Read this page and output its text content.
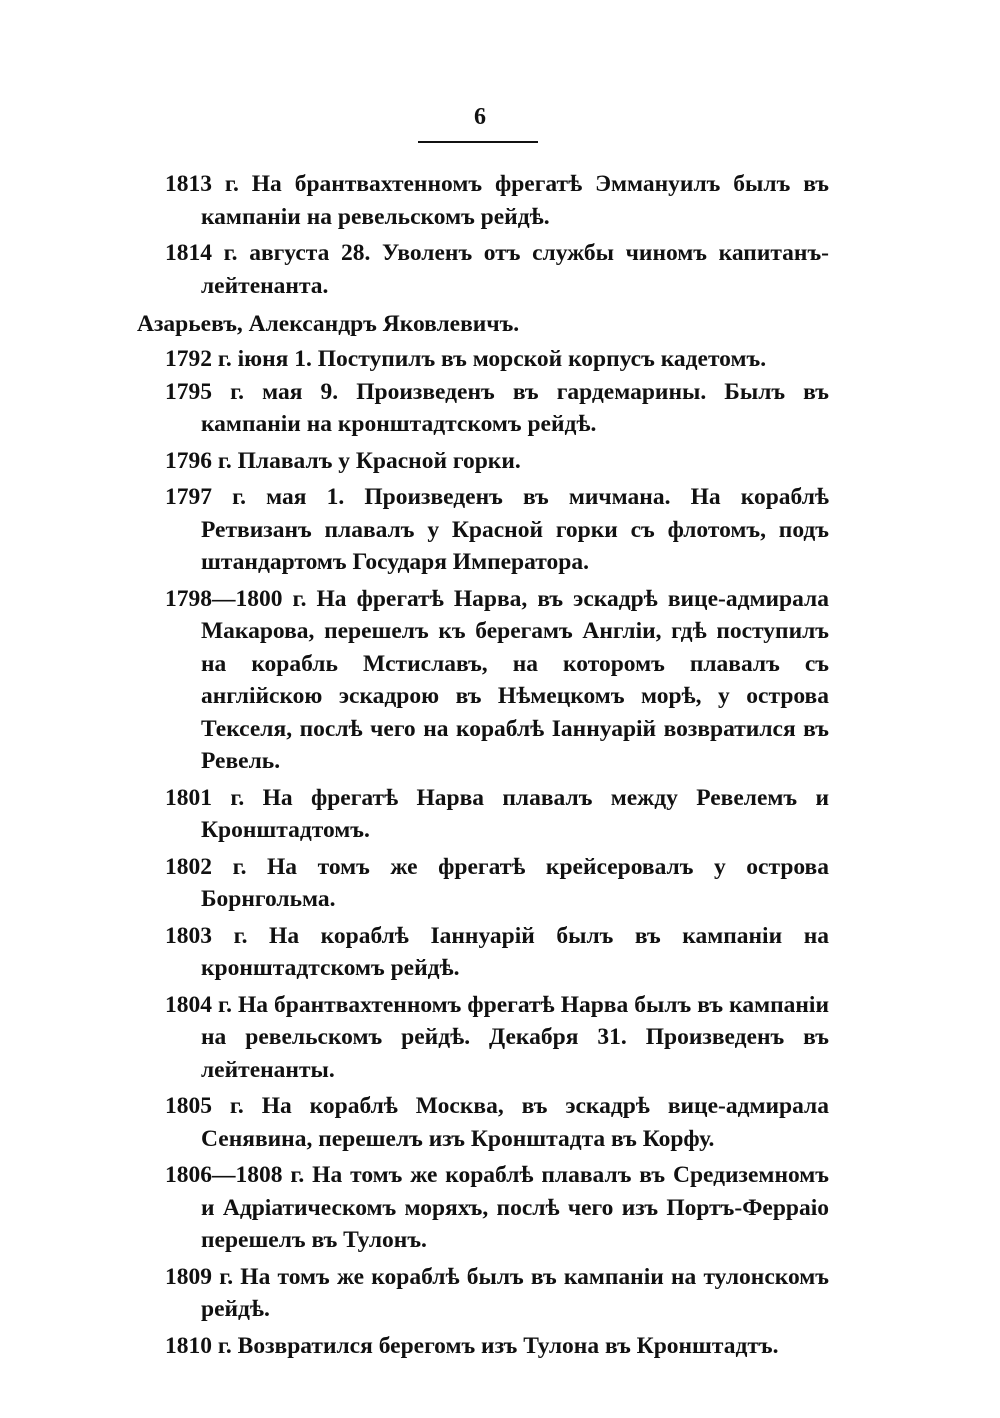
6

1813 г. На брантвахтенномъ фрегатѣ Эммануилъ былъ въ кампаніи на ревельскомъ рейдѣ.

1814 г. августа 28. Уволенъ отъ службы чиномъ капитанъ-лейтенанта.

Азарьевъ, Александръ Яковлевичъ.

1792 г. іюня 1. Поступилъ въ морской корпусъ кадетомъ.

1795 г. мая 9. Произведенъ въ гардемарины. Былъ въ кампаніи на кронштадтскомъ рейдѣ.

1796 г. Плавалъ у Красной горки.

1797 г. мая 1. Произведенъ въ мичмана. На кораблѣ Ретвизанъ плавалъ у Красной горки съ флотомъ, подъ штандартомъ Государя Императора.

1798—1800 г. На фрегатѣ Нарва, въ эскадрѣ вице-адмирала Макарова, перешелъ къ берегамъ Англіи, гдѣ поступилъ на корабль Мстиславъ, на которомъ плавалъ съ англійскою эскадрою въ Нѣмецкомъ морѣ, у острова Текселя, послѣ чего на кораблѣ Іаннуарій возвратился въ Ревель.

1801 г. На фрегатѣ Нарва плавалъ между Ревелемъ и Кронштадтомъ.

1802 г. На томъ же фрегатѣ крейсеровалъ у острова Борнгольма.

1803 г. На кораблѣ Іаннуарій былъ въ кампаніи на кронштадтскомъ рейдѣ.

1804 г. На брантвахтенномъ фрегатѣ Нарва былъ въ кампаніи на ревельскомъ рейдѣ. Декабря 31. Произведенъ въ лейтенанты.

1805 г. На кораблѣ Москва, въ эскадрѣ вице-адмирала Сенявина, перешелъ изъ Кронштадта въ Корфу.

1806—1808 г. На томъ же кораблѣ плавалъ въ Средиземномъ и Адріатическомъ моряхъ, послѣ чего изъ Портъ-Ферраіо перешелъ въ Тулонъ.

1809 г. На томъ же кораблѣ былъ въ кампаніи на тулонскомъ рейдѣ.

1810 г. Возвратился берегомъ изъ Тулона въ Кронштадтъ.
